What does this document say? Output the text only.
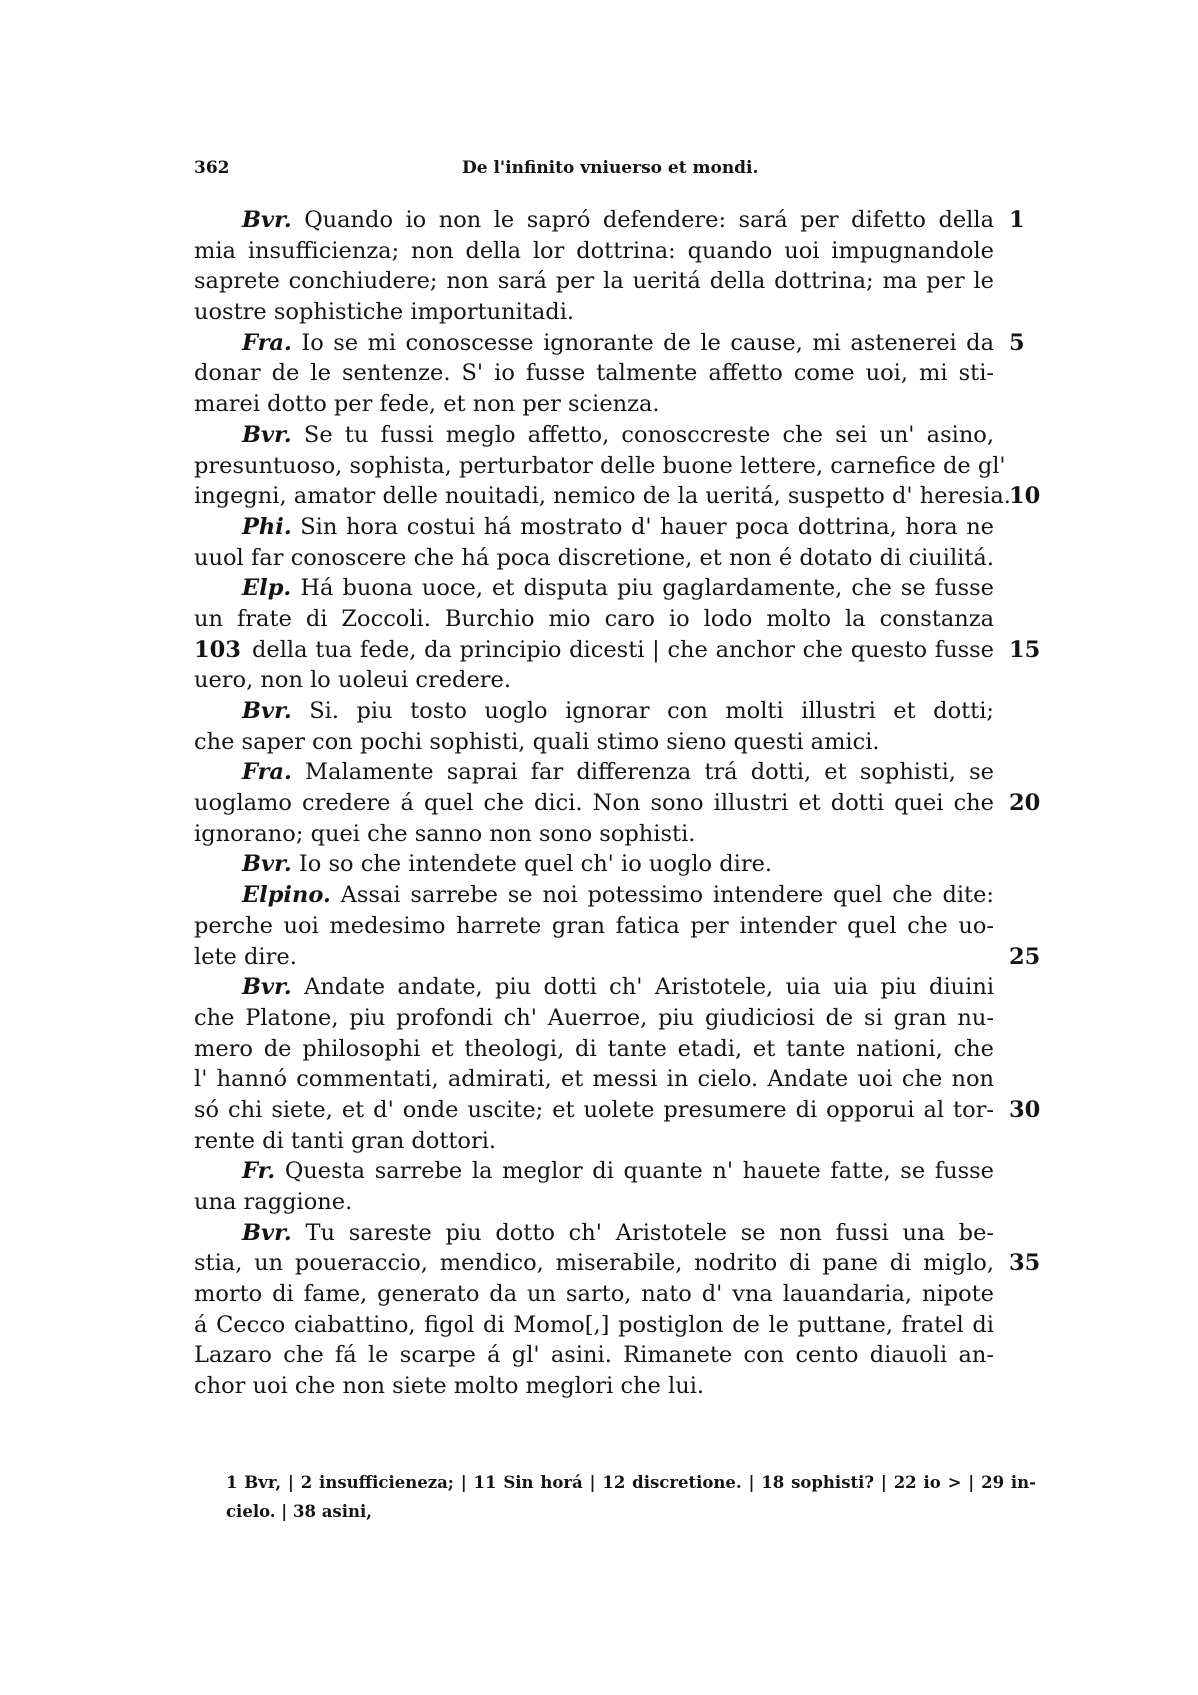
362	De l'infinito vniuerso et mondi.
Bvr. Quando io non le sapró defendere: sará per difetto della 1
mia insufficienza; non della lor dottrina: quando uoi impugnandole
saprete conchiudere; non sará per la ueritá della dottrina; ma per le
uostre sophistiche importunitadi.
Fra. Io se mi conoscesse ignorante de le cause, mi astenerei da 5
donar de le sentenze. S' io fusse talmente affetto come uoi, mi sti-
marei dotto per fede, et non per scienza.
Bvr. Se tu fussi meglo affetto, conosccreste che sei un' asino,
presuntuoso, sophista, perturbator delle buone lettere, carnefice de gl'
ingegni, amator delle nouitadi, nemico de la ueritá, suspetto d' heresia.
10
Phi. Sin hora costui há mostrato d' hauer poca dottrina, hora ne
uuol far conoscere che há poca discretione, et non é dotato di ciuilitá.
Elp. Há buona uoce, et disputa piu gaglardamente, che se fusse
un frate di Zoccoli. Burchio mio caro io lodo molto la constanza
103 della tua fede, da principio dicesti | che anchor che questo fusse 15
uero, non lo uoleui credere.
Bvr. Si. piu tosto uoglo ignorar con molti illustri et dotti;
che saper con pochi sophisti, quali stimo sieno questi amici.
Fra. Malamente saprai far differenza trá dotti, et sophisti, se
uoglamo credere á quel che dici. Non sono illustri et dotti quei che 20
ignorano; quei che sanno non sono sophisti.
Bvr. Io so che intendete quel ch' io uoglo dire.
Elpino. Assai sarrebe se noi potessimo intendere quel che dite:
perche uoi medesimo harrete gran fatica per intender quel che uo-
lete dire.	25
Bvr. Andate andate, piu dotti ch' Aristotele, uia uia piu diuini
che Platone, piu profondi ch' Auerroe, piu giudiciosi de si gran nu-
mero de philosophi et theologi, di tante etadi, et tante nationi, che
l' hannó commentati, admirati, et messi in cielo. Andate uoi che non
só chi siete, et d' onde uscite; et uolete presumere di opporui al tor- 30
rente di tanti gran dottori.
Fr. Questa sarrebe la meglor di quante n' hauete fatte, se fusse
una raggione.
Bvr. Tu sareste piu dotto ch' Aristotele se non fussi una be-
stia, un poueraccio, mendico, miserabile, nodrito di pane di miglo, 35
morto di fame, generato da un sarto, nato d' vna lauandaria, nipote
á Cecco ciabattino, figol di Momo[,] postiglon de le puttane, fratel di
Lazaro che fá le scarpe á gl' asini. Rimanete con cento diauoli an-
chor uoi che non siete molto meglori che lui.
1 Bvr, | 2 insufficieneza; | 11 Sin horá | 12 discretione. | 18 sophisti? | 22 io > | 29 in-
cielo. | 38 asini,
